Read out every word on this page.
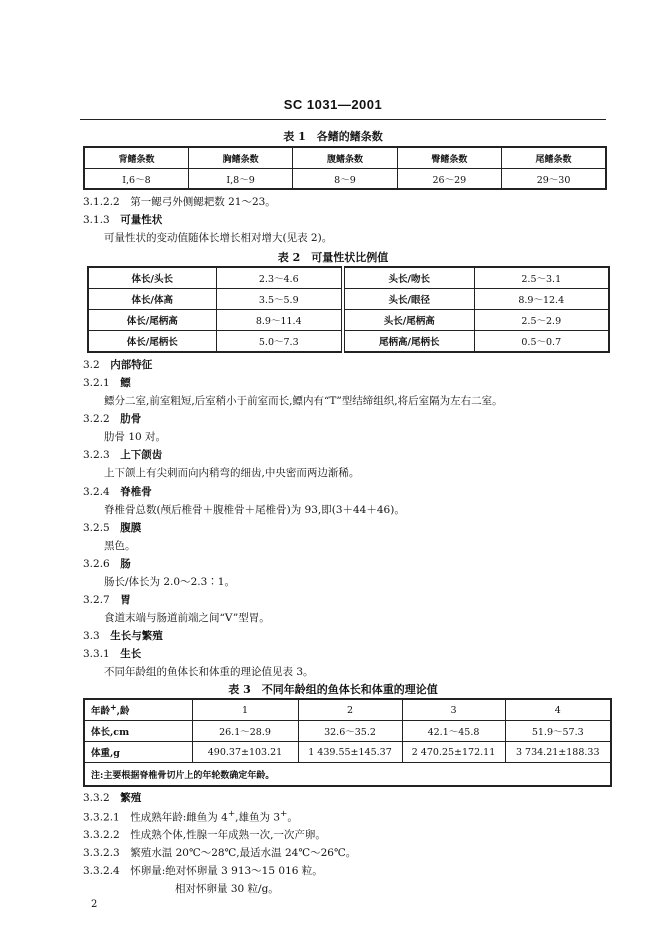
SC 1031—2001
表 1　各鳍的鳍条数
背鳍条数	胸鳍条数	腹鳍条数	臀鳍条数	尾鳍条数
Ⅰ,6～8	Ⅰ,8～9	8～9	26～29	29～30
3.1.2.2　 第一鳃弓外侧鳃耙数 21～23。
3.1.3　 可量性状
可量性状的变动值随体长增长相对增大(见表 2)。
表 2　可量性状比例值
体长/头长	2.3～4.6	头长/吻长	2.5～3.1
体长/体高	3.5～5.9	头长/眼径	8.9～12.4
体长/尾柄高	8.9～11.4	头长/尾柄高	2.5～2.9
体长/尾柄长	5.0～7.3	尾柄高/尾柄长	0.5～0.7
3.2　 内部特征
3.2.1　 鳔
鳔分二室,前室粗短,后室稍小于前室而长,鳔内有“T”型结缔组织,将后室隔为左右二室。
3.2.2　 肋骨
肋骨 10 对。
3.2.3　 上下颌齿
上下颌上有尖刺而向内稍弯的细齿,中央密而两边渐稀。
3.2.4　 脊椎骨
脊椎骨总数(颅后椎骨＋腹椎骨＋尾椎骨)为 93,即(3＋44＋46)。
3.2.5　 腹膜
黑色。
3.2.6　 肠
肠长/体长为 2.0～2.3∶1。
3.2.7　 胃
食道末端与肠道前端之间“V”型胃。
3.3　 生长与繁殖
3.3.1　 生长
不同年龄组的鱼体长和体重的理论值见表 3。
表 3　不同年龄组的鱼体长和体重的理论值
年龄+,龄	1	2	3	4
体长,cm	26.1～28.9	32.6～35.2	42.1～45.8	51.9～57.3
体重,g	490.37±103.21	1 439.55±145.37	2 470.25±172.11	3 734.21±188.33
注:主要根据脊椎骨切片上的年轮数确定年龄。				
3.3.2　 繁殖
3.3.2.1　 性成熟年龄:雌鱼为 4+,雄鱼为 3+。
3.3.2.2　 性成熟个体,性腺一年成熟一次,一次产卵。
3.3.2.3　 繁殖水温 20℃～28℃,最适水温 24℃～26℃。
3.3.2.4　 怀卵量:绝对怀卵量 3 913～15 016 粒。
相对怀卵量 30 粒/g。
2
